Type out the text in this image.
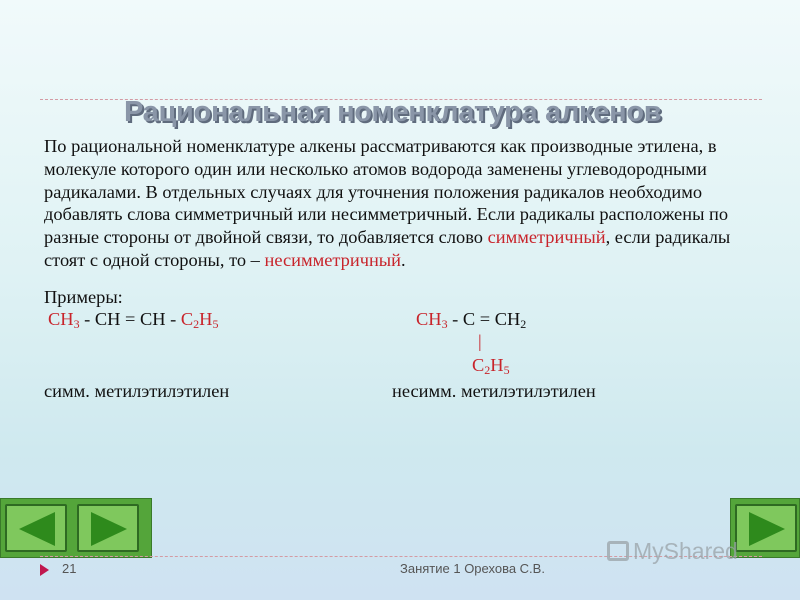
Рациональная номенклатура алкенов
По рациональной номенклатуре алкены рассматриваются как производные этилена, в молекуле которого один или несколько атомов водорода заменены углеводородными радикалами. В отдельных случаях для уточнения положения радикалов необходимо добавлять слова симметричный или несимметричный. Если радикалы расположены по разные стороны от двойной связи, то добавляется слово симметричный, если радикалы стоят с одной стороны, то – несимметричный.
Примеры:
$CH_3$ - CH = CH - $C_2H_5$
симм. метилэтилэтилен
$CH_3 - C = CH_2$
|
$C_2H_5$
несимм. метилэтилэтилен
21	Занятие 1 Орехова С.В.
MyShared
